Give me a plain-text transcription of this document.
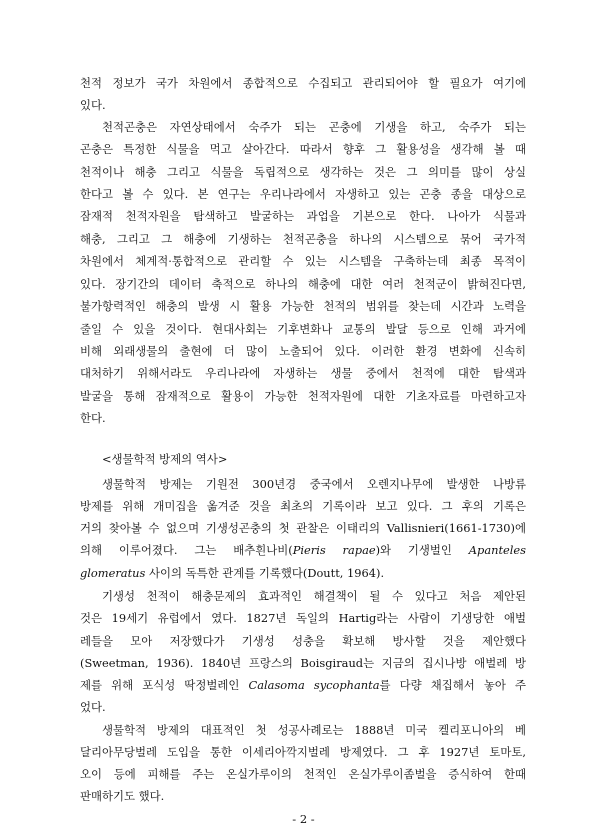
천적 정보가 국가 차원에서 종합적으로 수집되고 관리되어야 할 필요가 여기에
있다.
천적곤충은 자연상태에서 숙주가 되는 곤충에 기생을 하고, 숙주가 되는
곤충은 특정한 식물을 먹고 살아간다. 따라서 향후 그 활용성을 생각해 볼 때
천적이나 해충 그리고 식물을 독립적으로 생각하는 것은 그 의미를 많이 상실
한다고 볼 수 있다. 본 연구는 우리나라에서 자생하고 있는 곤충 종을 대상으로
잠재적 천적자원을 탐색하고 발굴하는 과업을 기본으로 한다. 나아가 식물과
해충, 그리고 그 해충에 기생하는 천적곤충을 하나의 시스템으로 묶어 국가적
차원에서 체계적·통합적으로 관리할 수 있는 시스템을 구축하는데 최종 목적이
있다. 장기간의 데이터 축적으로 하나의 해충에 대한 여러 천적군이 밝혀진다면,
불가항력적인 해충의 발생 시 활용 가능한 천적의 범위를 찾는데 시간과 노력을
줄일 수 있을 것이다. 현대사회는 기후변화나 교통의 발달 등으로 인해 과거에
비해 외래생물의 출현에 더 많이 노출되어 있다. 이러한 환경 변화에 신속히
대처하기 위해서라도 우리나라에 자생하는 생물 중에서 천적에 대한 탐색과
발굴을 통해 잠재적으로 활용이 가능한 천적자원에 대한 기초자료를 마련하고자
한다.
<생물학적 방제의 역사>
생물학적 방제는 기원전 300년경 중국에서 오렌지나무에 발생한 나방류
방제를 위해 개미집을 옮겨준 것을 최초의 기록이라 보고 있다. 그 후의 기록은
거의 찾아볼 수 없으며 기생성곤충의 첫 관찰은 이태리의 Vallisnieri(1661-1730)에
의해 이루어졌다. 그는 배추흰나비(Pieris rapae)와 기생벌인 Apanteles
glomeratus 사이의 독특한 관계를 기록했다(Doutt, 1964).
기생성 천적이 해충문제의 효과적인 해결책이 될 수 있다고 처음 제안된
것은 19세기 유럽에서 였다. 1827년 독일의 Hartig라는 사람이 기생당한 애벌
레들을 모아 저장했다가 기생성 성충을 확보해 방사할 것을 제안했다
(Sweetman, 1936). 1840년 프랑스의 Boisgiraud는 지금의 집시나방 애벌레 방
제를 위해 포식성 딱정벌레인 Calasoma sycophanta를 다량 채집해서 놓아 주
었다.
생물학적 방제의 대표적인 첫 성공사례로는 1888년 미국 켈리포니아의 베
달리아무당벌레 도입을 통한 이세리아깍지벌레 방제였다. 그 후 1927년 토마토,
오이 등에 피해를 주는 온실가루이의 천적인 온실가루이좀벌을 증식하여 한때
판매하기도 했다.
- 2 -
